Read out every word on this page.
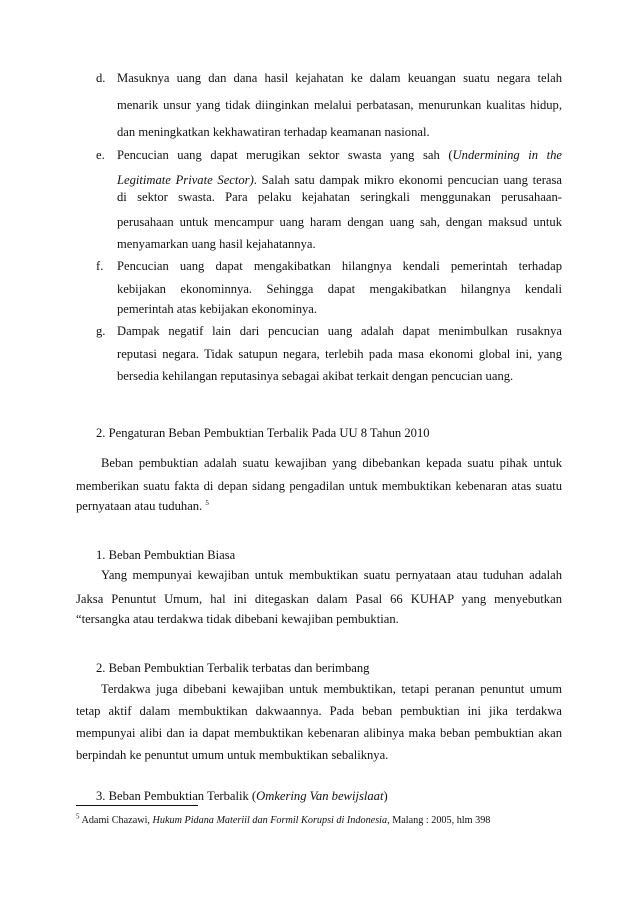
d. Masuknya uang dan dana hasil kejahatan ke dalam keuangan suatu negara telah
menarik unsur yang tidak diinginkan melalui perbatasan, menurunkan kualitas hidup,
dan meningkatkan kekhawatiran terhadap keamanan nasional.
e. Pencucian uang dapat merugikan sektor swasta yang sah (Undermining in the
Legitimate Private Sector). Salah satu dampak mikro ekonomi pencucian uang terasa
di sektor swasta. Para pelaku kejahatan seringkali menggunakan perusahaan-
perusahaan untuk mencampur uang haram dengan uang sah, dengan maksud untuk
menyamarkan uang hasil kejahatannya.
f. Pencucian uang dapat mengakibatkan hilangnya kendali pemerintah terhadap
kebijakan ekonominnya. Sehingga dapat mengakibatkan hilangnya kendali
pemerintah atas kebijakan ekonominya.
g. Dampak negatif lain dari pencucian uang adalah dapat menimbulkan rusaknya
reputasi negara. Tidak satupun negara, terlebih pada masa ekonomi global ini, yang
bersedia kehilangan reputasinya sebagai akibat terkait dengan pencucian uang.
2. Pengaturan Beban Pembuktian Terbalik Pada UU 8 Tahun 2010
Beban pembuktian adalah suatu kewajiban yang dibebankan kepada suatu pihak untuk
memberikan suatu fakta di depan sidang pengadilan untuk membuktikan kebenaran atas suatu
pernyataan atau tuduhan. $^5$
1. Beban Pembuktian Biasa
Yang mempunyai kewajiban untuk membuktikan suatu pernyataan atau tuduhan adalah
Jaksa Penuntut Umum, hal ini ditegaskan dalam Pasal 66 KUHAP yang menyebutkan
“tersangka atau terdakwa tidak dibebani kewajiban pembuktian.
2. Beban Pembuktian Terbalik terbatas dan berimbang
Terdakwa juga dibebani kewajiban untuk membuktikan, tetapi peranan penuntut umum
tetap aktif dalam membuktikan dakwaannya. Pada beban pembuktian ini jika terdakwa
mempunyai alibi dan ia dapat membuktikan kebenaran alibinya maka beban pembuktian akan
berpindah ke penuntut umum untuk membuktikan sebaliknya.
3. Beban Pembuktian Terbalik (Omkering Van bewijslaat)
$^5$ Adami Chazawi, Hukum Pidana Materiil dan Formil Korupsi di Indonesia, Malang : 2005, hlm 398
